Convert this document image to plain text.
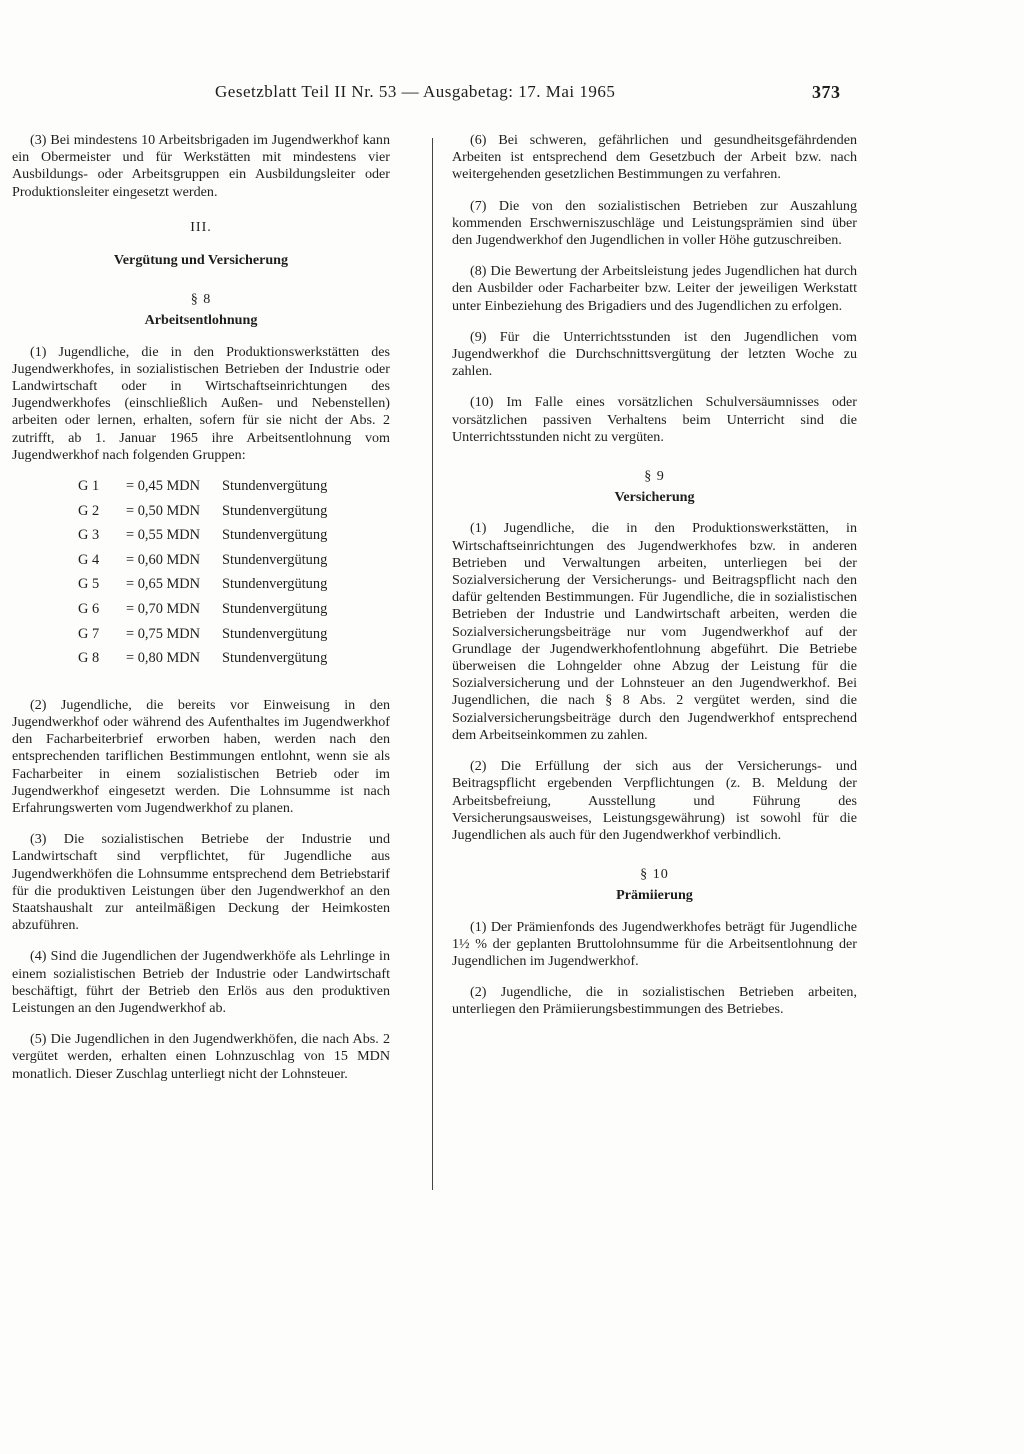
Gesetzblatt Teil II Nr. 53 — Ausgabetag: 17. Mai 1965	373

(3) Bei mindestens 10 Arbeitsbrigaden im Jugendwerkhof kann ein Obermeister und für Werkstätten mit mindestens vier Ausbildungs- oder Arbeitsgruppen ein Ausbildungsleiter oder Produktionsleiter eingesetzt werden.

III.
Vergütung und Versicherung
§ 8
Arbeitsentlohnung

(1) Jugendliche, die in den Produktionswerkstätten des Jugendwerkhofes, in sozialistischen Betrieben der Industrie oder Landwirtschaft oder in Wirtschaftseinrichtungen des Jugendwerkhofes (einschließlich Außen- und Nebenstellen) arbeiten oder lernen, erhalten, sofern für sie nicht der Abs. 2 zutrifft, ab 1. Januar 1965 ihre Arbeitsentlohnung vom Jugendwerkhof nach folgenden Gruppen:

G 1	= 0,45 MDN	Stundenvergütung
G 2	= 0,50 MDN	Stundenvergütung
G 3	= 0,55 MDN	Stundenvergütung
G 4	= 0,60 MDN	Stundenvergütung
G 5	= 0,65 MDN	Stundenvergütung
G 6	= 0,70 MDN	Stundenvergütung
G 7	= 0,75 MDN	Stundenvergütung
G 8	= 0,80 MDN	Stundenvergütung

(2) Jugendliche, die bereits vor Einweisung in den Jugendwerkhof oder während des Aufenthaltes im Jugendwerkhof den Facharbeiterbrief erworben haben, werden nach den entsprechenden tariflichen Bestimmungen entlohnt, wenn sie als Facharbeiter in einem sozialistischen Betrieb oder im Jugendwerkhof eingesetzt werden. Die Lohnsumme ist nach Erfahrungswerten vom Jugendwerkhof zu planen.

(3) Die sozialistischen Betriebe der Industrie und Landwirtschaft sind verpflichtet, für Jugendliche aus Jugendwerkhöfen die Lohnsumme entsprechend dem Betriebstarif für die produktiven Leistungen über den Jugendwerkhof an den Staatshaushalt zur anteilmäßigen Deckung der Heimkosten abzuführen.

(4) Sind die Jugendlichen der Jugendwerkhöfe als Lehrlinge in einem sozialistischen Betrieb der Industrie oder Landwirtschaft beschäftigt, führt der Betrieb den Erlös aus den produktiven Leistungen an den Jugendwerkhof ab.

(5) Die Jugendlichen in den Jugendwerkhöfen, die nach Abs. 2 vergütet werden, erhalten einen Lohnzuschlag von 15 MDN monatlich. Dieser Zuschlag unterliegt nicht der Lohnsteuer.

(6) Bei schweren, gefährlichen und gesundheitsgefährdenden Arbeiten ist entsprechend dem Gesetzbuch der Arbeit bzw. nach weitergehenden gesetzlichen Bestimmungen zu verfahren.

(7) Die von den sozialistischen Betrieben zur Auszahlung kommenden Erschwerniszuschläge und Leistungsprämien sind über den Jugendwerkhof den Jugendlichen in voller Höhe gutzuschreiben.

(8) Die Bewertung der Arbeitsleistung jedes Jugendlichen hat durch den Ausbilder oder Facharbeiter bzw. Leiter der jeweiligen Werkstatt unter Einbeziehung des Brigadiers und des Jugendlichen zu erfolgen.

(9) Für die Unterrichtsstunden ist den Jugendlichen vom Jugendwerkhof die Durchschnittsvergütung der letzten Woche zu zahlen.

(10) Im Falle eines vorsätzlichen Schulversäumnisses oder vorsätzlichen passiven Verhaltens beim Unterricht sind die Unterrichtsstunden nicht zu vergüten.

§ 9
Versicherung

(1) Jugendliche, die in den Produktionswerkstätten, in Wirtschaftseinrichtungen des Jugendwerkhofes bzw. in anderen Betrieben und Verwaltungen arbeiten, unterliegen bei der Sozialversicherung der Versicherungs- und Beitragspflicht nach den dafür geltenden Bestimmungen. Für Jugendliche, die in sozialistischen Betrieben der Industrie und Landwirtschaft arbeiten, werden die Sozialversicherungsbeiträge nur vom Jugendwerkhof auf der Grundlage der Jugendwerkhofentlohnung abgeführt. Die Betriebe überweisen die Lohngelder ohne Abzug der Leistung für die Sozialversicherung und der Lohnsteuer an den Jugendwerkhof. Bei Jugendlichen, die nach § 8 Abs. 2 vergütet werden, sind die Sozialversicherungsbeiträge durch den Jugendwerkhof entsprechend dem Arbeitseinkommen zu zahlen.

(2) Die Erfüllung der sich aus der Versicherungs- und Beitragspflicht ergebenden Verpflichtungen (z. B. Meldung der Arbeitsbefreiung, Ausstellung und Führung des Versicherungsausweises, Leistungsgewährung) ist sowohl für die Jugendlichen als auch für den Jugendwerkhof verbindlich.

§ 10
Prämiierung

(1) Der Prämienfonds des Jugendwerkhofes beträgt für Jugendliche 1½ % der geplanten Bruttolohnsumme für die Arbeitsentlohnung der Jugendlichen im Jugendwerkhof.

(2) Jugendliche, die in sozialistischen Betrieben arbeiten, unterliegen den Prämiierungsbestimmungen des Betriebes.
